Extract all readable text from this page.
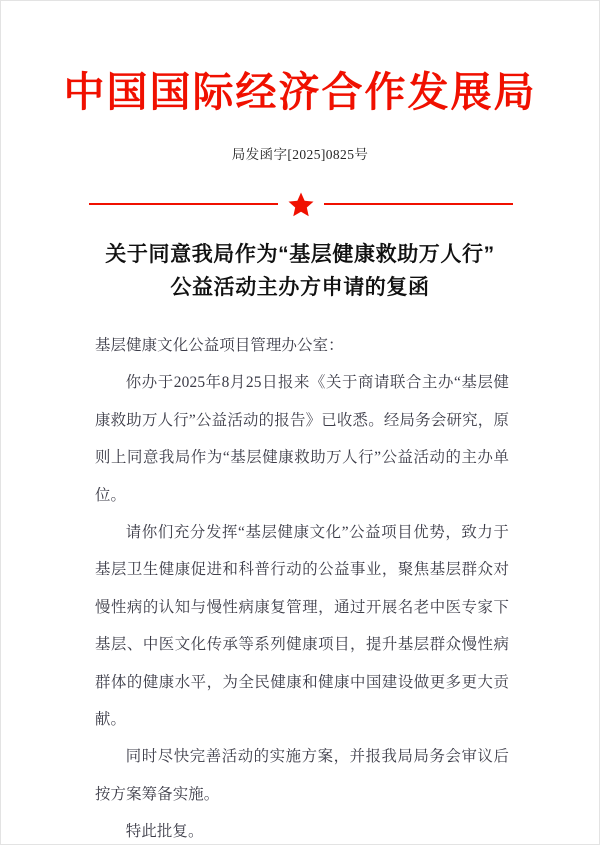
中国国际经济合作发展局
局发函字[2025]0825号
关于同意我局作为“基层健康救助万人行”
公益活动主办方申请的复函

基层健康文化公益项目管理办公室：

你办于2025年8月25日报来《关于商请联合主办“基层健康救助万人行”公益活动的报告》已收悉。经局务会研究，原则上同意我局作为“基层健康救助万人行”公益活动的主办单位。

请你们充分发挥“基层健康文化”公益项目优势，致力于基层卫生健康促进和科普行动的公益事业，聚焦基层群众对慢性病的认知与慢性病康复管理，通过开展名老中医专家下基层、中医文化传承等系列健康项目，提升基层群众慢性病群体的健康水平，为全民健康和健康中国建设做更多更大贡献。

同时尽快完善活动的实施方案，并报我局局务会审议后按方案筹备实施。

特此批复。
